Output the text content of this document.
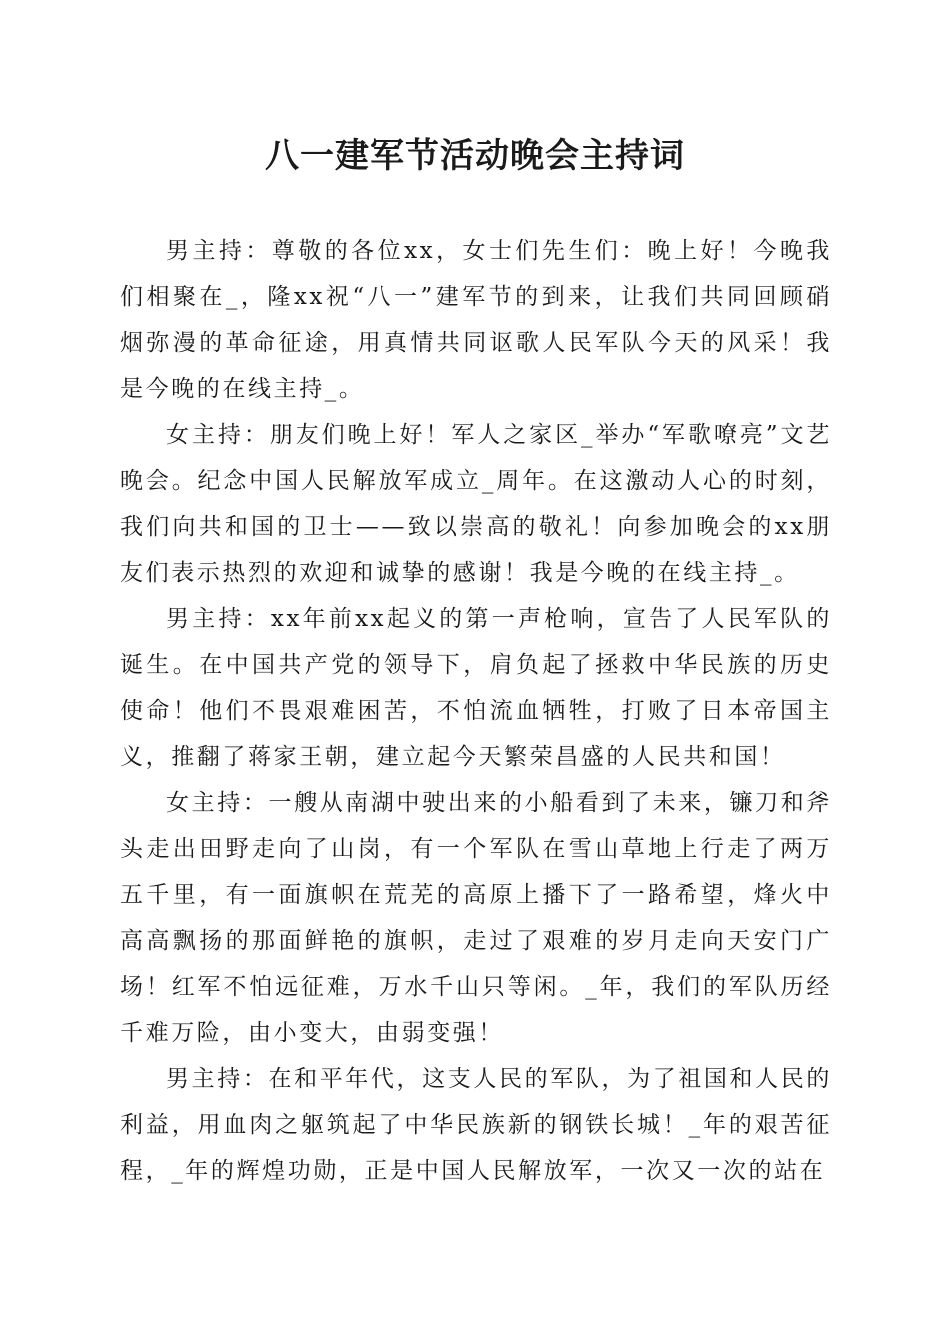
八一建军节活动晚会主持词

男主持：尊敬的各位xx，女士们先生们：晚上好！今晚我们相聚在_，隆xx祝“八一”建军节的到来，让我们共同回顾硝烟弥漫的革命征途，用真情共同讴歌人民军队今天的风采！我是今晚的在线主持_。

女主持：朋友们晚上好！军人之家区_举办“军歌嘹亮”文艺晚会。纪念中国人民解放军成立_周年。在这激动人心的时刻，我们向共和国的卫士——致以崇高的敬礼！向参加晚会的xx朋友们表示热烈的欢迎和诚挚的感谢！我是今晚的在线主持_。

男主持：xx年前xx起义的第一声枪响，宣告了人民军队的诞生。在中国共产党的领导下，肩负起了拯救中华民族的历史使命！他们不畏艰难困苦，不怕流血牺牲，打败了日本帝国主义，推翻了蒋家王朝，建立起今天繁荣昌盛的人民共和国！

女主持：一艘从南湖中驶出来的小船看到了未来，镰刀和斧头走出田野走向了山岗，有一个军队在雪山草地上行走了两万五千里，有一面旗帜在荒芜的高原上播下了一路希望，烽火中高高飘扬的那面鲜艳的旗帜，走过了艰难的岁月走向天安门广场！红军不怕远征难，万水千山只等闲。_年，我们的军队历经千难万险，由小变大，由弱变强！

男主持：在和平年代，这支人民的军队，为了祖国和人民的利益，用血肉之躯筑起了中华民族新的钢铁长城！_年的艰苦征程，_年的辉煌功勋，正是中国人民解放军，一次又一次的站在
